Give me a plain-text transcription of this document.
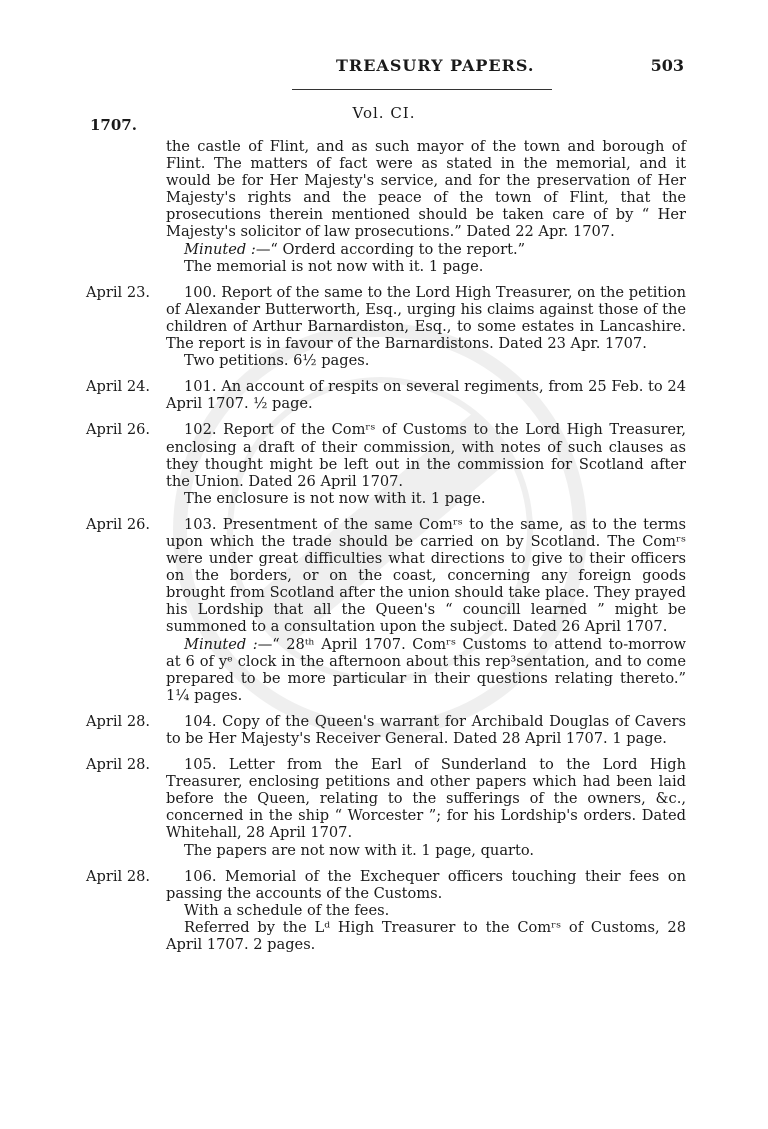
TREASURY PAPERS.	503
Vol. CI.
1707.

the castle of Flint, and as such mayor of the town and borough of Flint. The matters of fact were as stated in the memorial, and it would be for Her Majesty's service, and for the preservation of Her Majesty's rights and the peace of the town of Flint, that the prosecutions therein mentioned should be taken care of by “ Her Majesty's solicitor of law prosecutions.” Dated 22 Apr. 1707.

Minuted :—“ Orderd according to the report.”

The memorial is not now with it. 1 page.

April 23.	100. Report of the same to the Lord High Treasurer, on the petition of Alexander Butterworth, Esq., urging his claims against those of the children of Arthur Barnardiston, Esq., to some estates in Lancashire. The report is in favour of the Barnardistons. Dated 23 Apr. 1707.

Two petitions. 6½ pages.

April 24.	101. An account of respits on several regiments, from 25 Feb. to 24 April 1707. ½ page.

April 26.	102. Report of the Comʳˢ of Customs to the Lord High Treasurer, enclosing a draft of their commission, with notes of such clauses as they thought might be left out in the commission for Scotland after the Union. Dated 26 April 1707.

The enclosure is not now with it. 1 page.

April 26.	103. Presentment of the same Comʳˢ to the same, as to the terms upon which the trade should be carried on by Scotland. The Comʳˢ were under great difficulties what directions to give to their officers on the borders, or on the coast, concerning any foreign goods brought from Scotland after the union should take place. They prayed his Lordship that all the Queen's “ councill learned ” might be summoned to a consultation upon the subject. Dated 26 April 1707.

Minuted :—“ 28ᵗʰ April 1707. Comʳˢ Customs to attend to-morrow at 6 of yᵉ clock in the afternoon about this rep³sentation, and to come prepared to be more particular in their questions relating thereto.” 1¼ pages.

April 28.	104. Copy of the Queen's warrant for Archibald Douglas of Cavers to be Her Majesty's Receiver General. Dated 28 April 1707. 1 page.

April 28.	105. Letter from the Earl of Sunderland to the Lord High Treasurer, enclosing petitions and other papers which had been laid before the Queen, relating to the sufferings of the owners, &c., concerned in the ship “ Worcester ”; for his Lordship's orders. Dated Whitehall, 28 April 1707.

The papers are not now with it. 1 page, quarto.

April 28.	106. Memorial of the Exchequer officers touching their fees on passing the accounts of the Customs.

With a schedule of the fees.

Referred by the Lᵈ High Treasurer to the Comʳˢ of Customs, 28 April 1707. 2 pages.
